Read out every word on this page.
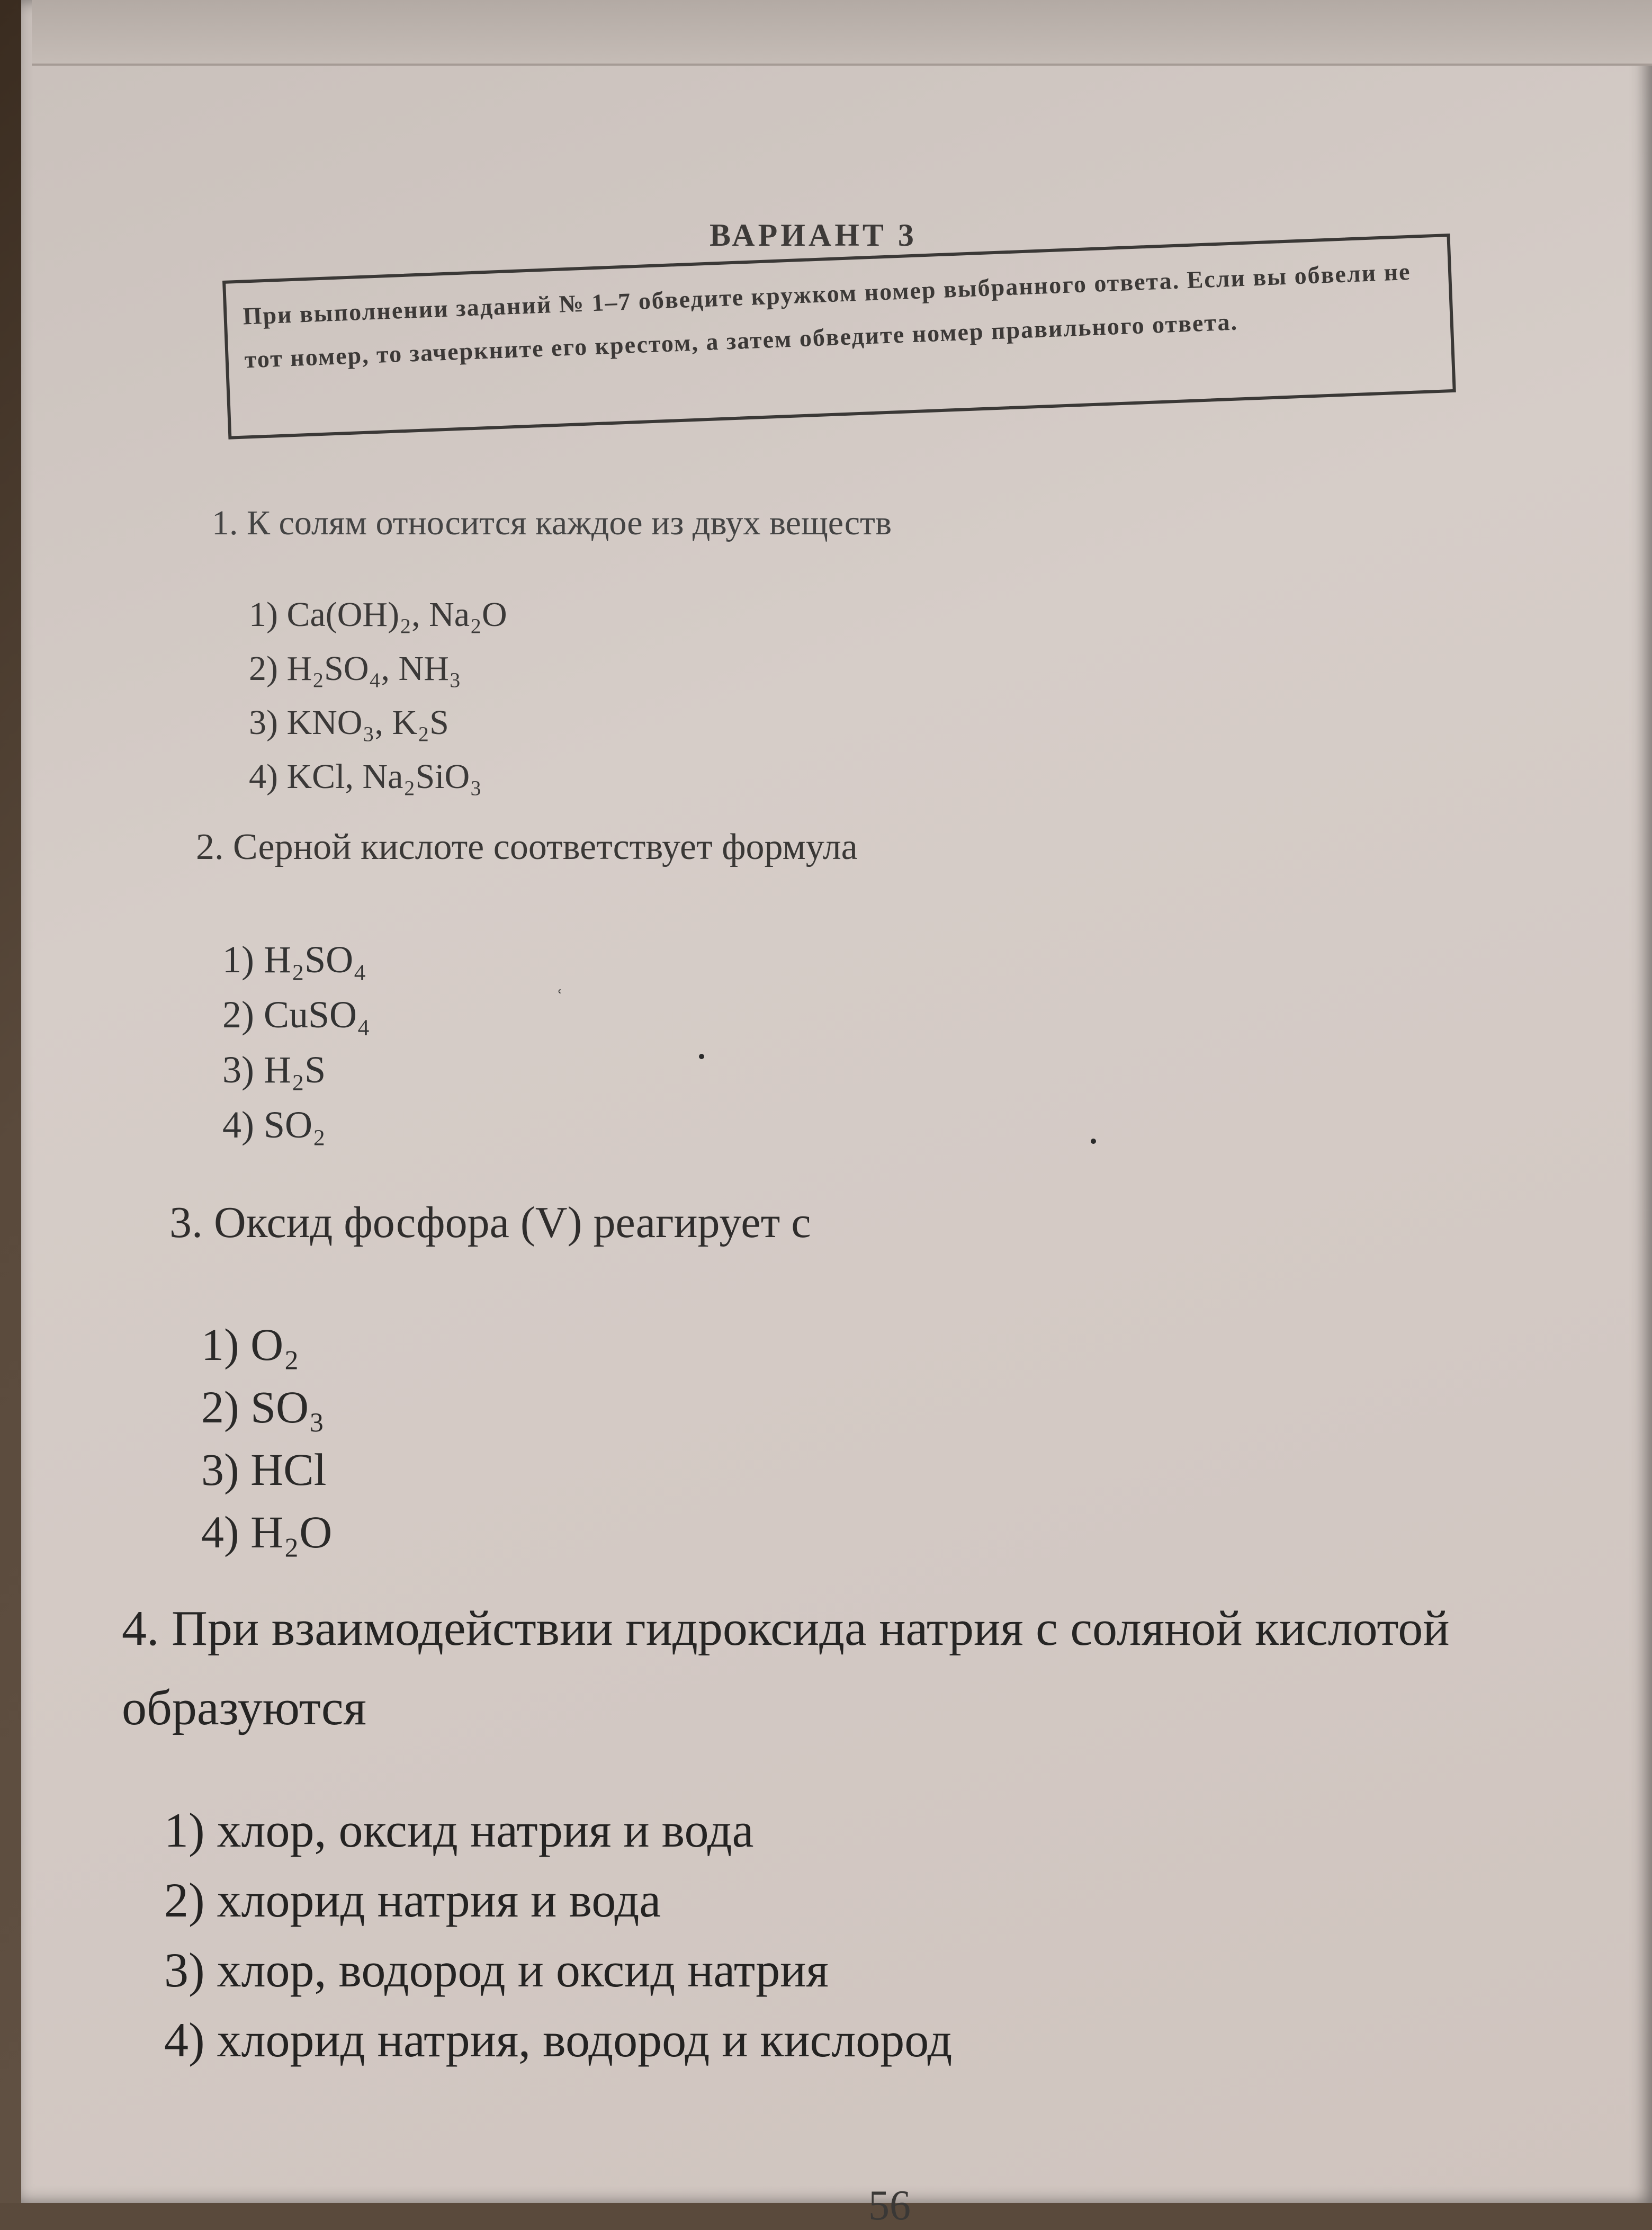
ВАРИАНТ 3
При выполнении заданий № 1–7 обведите кружком номер выбранного ответа. Если вы обвели не тот номер, то зачеркните его крестом, а затем обведите номер правильного ответа.
1. К солям относится каждое из двух веществ
1) Ca(OH)₂, Na₂O
2) H₂SO₄, NH₃
3) KNO₃, K₂S
4) KCl, Na₂SiO₃
2. Серной кислоте соответствует формула
1) H₂SO₄
2) CuSO₄
3) H₂S
4) SO₂
ʿ
3. Оксид фосфора (V) реагирует с
1) O₂
2) SO₃
3) HCl
4) H₂O
4. При взаимодействии гидроксида натрия с соляной кислотой образуются
1) хлор, оксид натрия и вода
2) хлорид натрия и вода
3) хлор, водород и оксид натрия
4) хлорид натрия, водород и кислород
56
